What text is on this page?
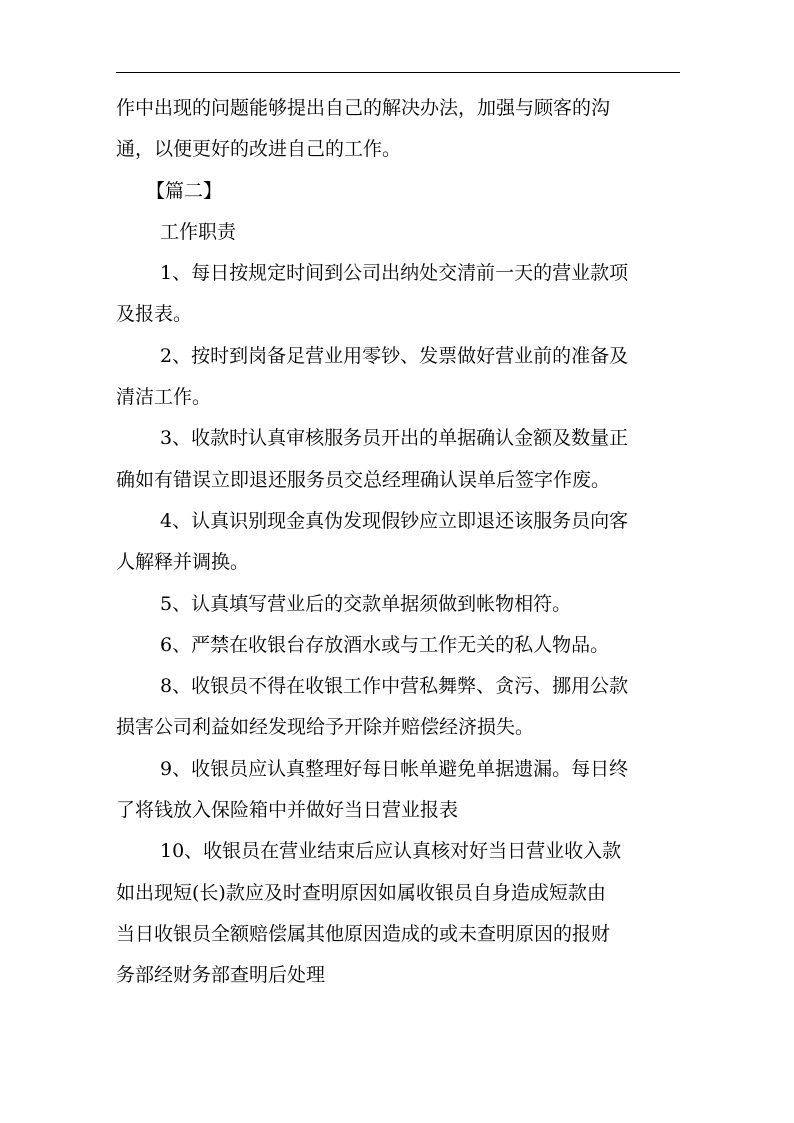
作中出现的问题能够提出自己的解决办法，加强与顾客的沟
通，以便更好的改进自己的工作。
【篇二】
工作职责
1、每日按规定时间到公司出纳处交清前一天的营业款项
及报表。
2、按时到岗备足营业用零钞、发票做好营业前的准备及
清洁工作。
3、收款时认真审核服务员开出的单据确认金额及数量正
确如有错误立即退还服务员交总经理确认误单后签字作废。
4、认真识别现金真伪发现假钞应立即退还该服务员向客
人解释并调换。
5、认真填写营业后的交款单据须做到帐物相符。
6、严禁在收银台存放酒水或与工作无关的私人物品。
8、收银员不得在收银工作中营私舞弊、贪污、挪用公款
损害公司利益如经发现给予开除并赔偿经济损失。
9、收银员应认真整理好每日帐单避免单据遗漏。每日终
了将钱放入保险箱中并做好当日营业报表
10、收银员在营业结束后应认真核对好当日营业收入款
如出现短(长)款应及时查明原因如属收银员自身造成短款由
当日收银员全额赔偿属其他原因造成的或未查明原因的报财
务部经财务部查明后处理
